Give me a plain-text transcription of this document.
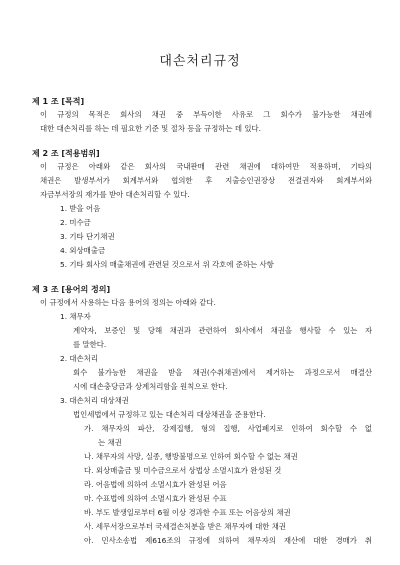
대손처리규정

제 1 조 [목적]

이 규정의 목적은 회사의 채권 중 부득이한 사유로 그 회수가 불가능한 채권에

대한 대손처리를 하는 데 필요한 기준 및 절차 등을 규정하는 데 있다.

제 2 조 [적용범위]

이 규정은 아래와 같은 회사의 국내판매 관련 채권에 대하여만 적용하며, 기타의

채권은 발생부서가 회계부서와 협의한 후 지출승인권장상 전결권자와 회계부서와

자금부서장의 재가를 받아 대손처리할 수 있다.

1. 받을 어음

2. 미수금

3. 기타 단기채권

4. 외상매출금

5. 기타 회사의 매출채권에 관련된 것으로서 위 각호에 준하는 사항

제 3 조 [용어의 정의]

이 규정에서 사용하는 다음 용어의 정의는 아래와 같다.

1. 채무자

계약자, 보증인 및 당해 채권과 관련하여 회사에서 채권을 행사할 수 있는 자

를 말한다.

2. 대손처리

회수 불가능한 채권을 받을 채권(수취채권)에서 제거하는 과정으로서 매결산

시에 대손충당금과 상계처리함을 원칙으로 한다.

3. 대손처리 대상채권

법인세법에서 규정하고 있는 대손처리 대상채권을 준용한다.

가. 채무자의 파산, 강제집행, 형의 집행, 사업폐지로 인하여 회수할 수 없

는 채권

나. 채무자의 사망, 실종, 행방불명으로 인하여 회수할 수 없는 채권

다. 외상매출금 및 미수금으로서 상법상 소멸시효가 완성된 것

라. 어음법에 의하여 소멸시효가 완성된 어음

마. 수표법에 의하여 소멸시효가 완성된 수표

바. 부도 발생일로부터 6월 이상 경과한 수표 또는 어음상의 채권

사. 세무서장으로부터 국세결손처분을 받은 채무자에 대한 채권

아. 민사소송법 제616조의 규정에 의하여 채무자의 재산에 대한 경매가 취
